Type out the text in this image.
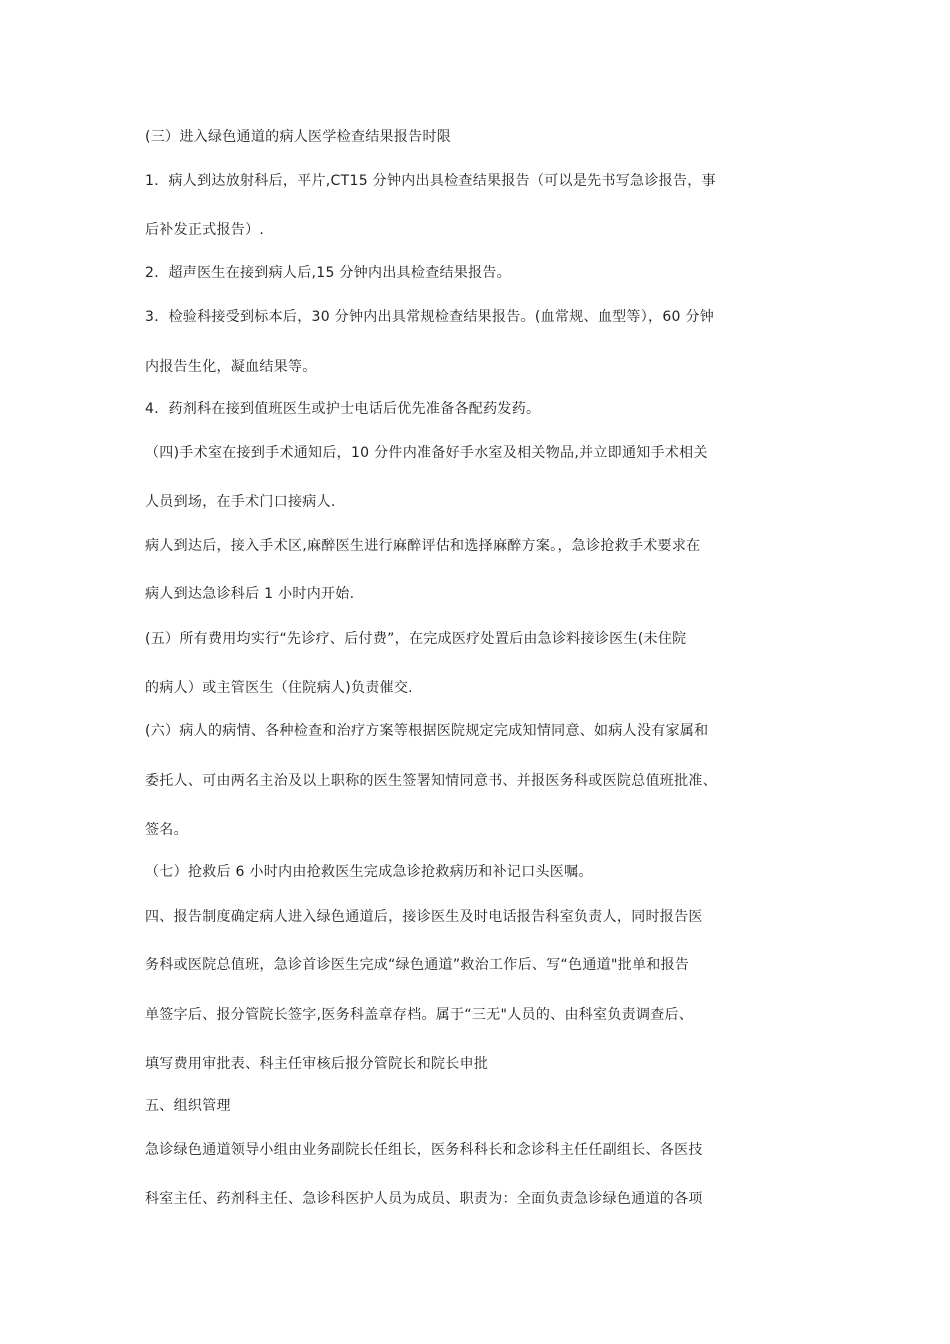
(三）进入绿色通道的病人医学检查结果报告时限
1．病人到达放射科后，平片,CT15 分钟内出具检查结果报告（可以是先书写急诊报告，事
后补发正式报告）.
2．超声医生在接到病人后,15 分钟内出具检查结果报告。
3．检验科接受到标本后，30 分钟内出具常规检查结果报告。(血常规、血型等），60 分钟
内报告生化，凝血结果等。
4．药剂科在接到值班医生或护士电话后优先准备各配药发药。
（四)手术室在接到手术通知后，10 分件内准备好手水室及相关物品,并立即通知手术相关
人员到场，在手术门口接病人.
病人到达后，接入手术区,麻醉医生进行麻醉评估和选择麻醉方案。，急诊抢救手术要求在
病人到达急诊科后 1 小时内开始.
(五）所有费用均实行“先诊疗、后付费”，在完成医疗处置后由急诊料接诊医生(未住院
的病人）或主管医生（住院病人)负责催交.
(六）病人的病情、各种检查和治疗方案等根据医院规定完成知情同意、如病人没有家属和
委托人、可由两名主治及以上职称的医生签署知情同意书、并报医务科或医院总值班批准、
签名。
（七）抢救后 6 小时内由抢救医生完成急诊抢救病历和补记口头医嘱。
四、报告制度确定病人进入绿色通道后，接诊医生及时电话报告科室负责人，同时报告医
务科或医院总值班，急诊首诊医生完成“绿色通道”救治工作后、写“色通道"批单和报告
单签字后、报分管院长签字,医务科盖章存档。属于“三无"人员的、由科室负责调查后、
填写费用审批表、科主任审核后报分管院长和院长申批
五、组织管理
急诊绿色通道领导小组由业务副院长任组长，医务科科长和念诊科主任任副组长、各医技
科室主任、药剂科主任、急诊科医护人员为成员、职责为：全面负责急诊绿色通道的各项
